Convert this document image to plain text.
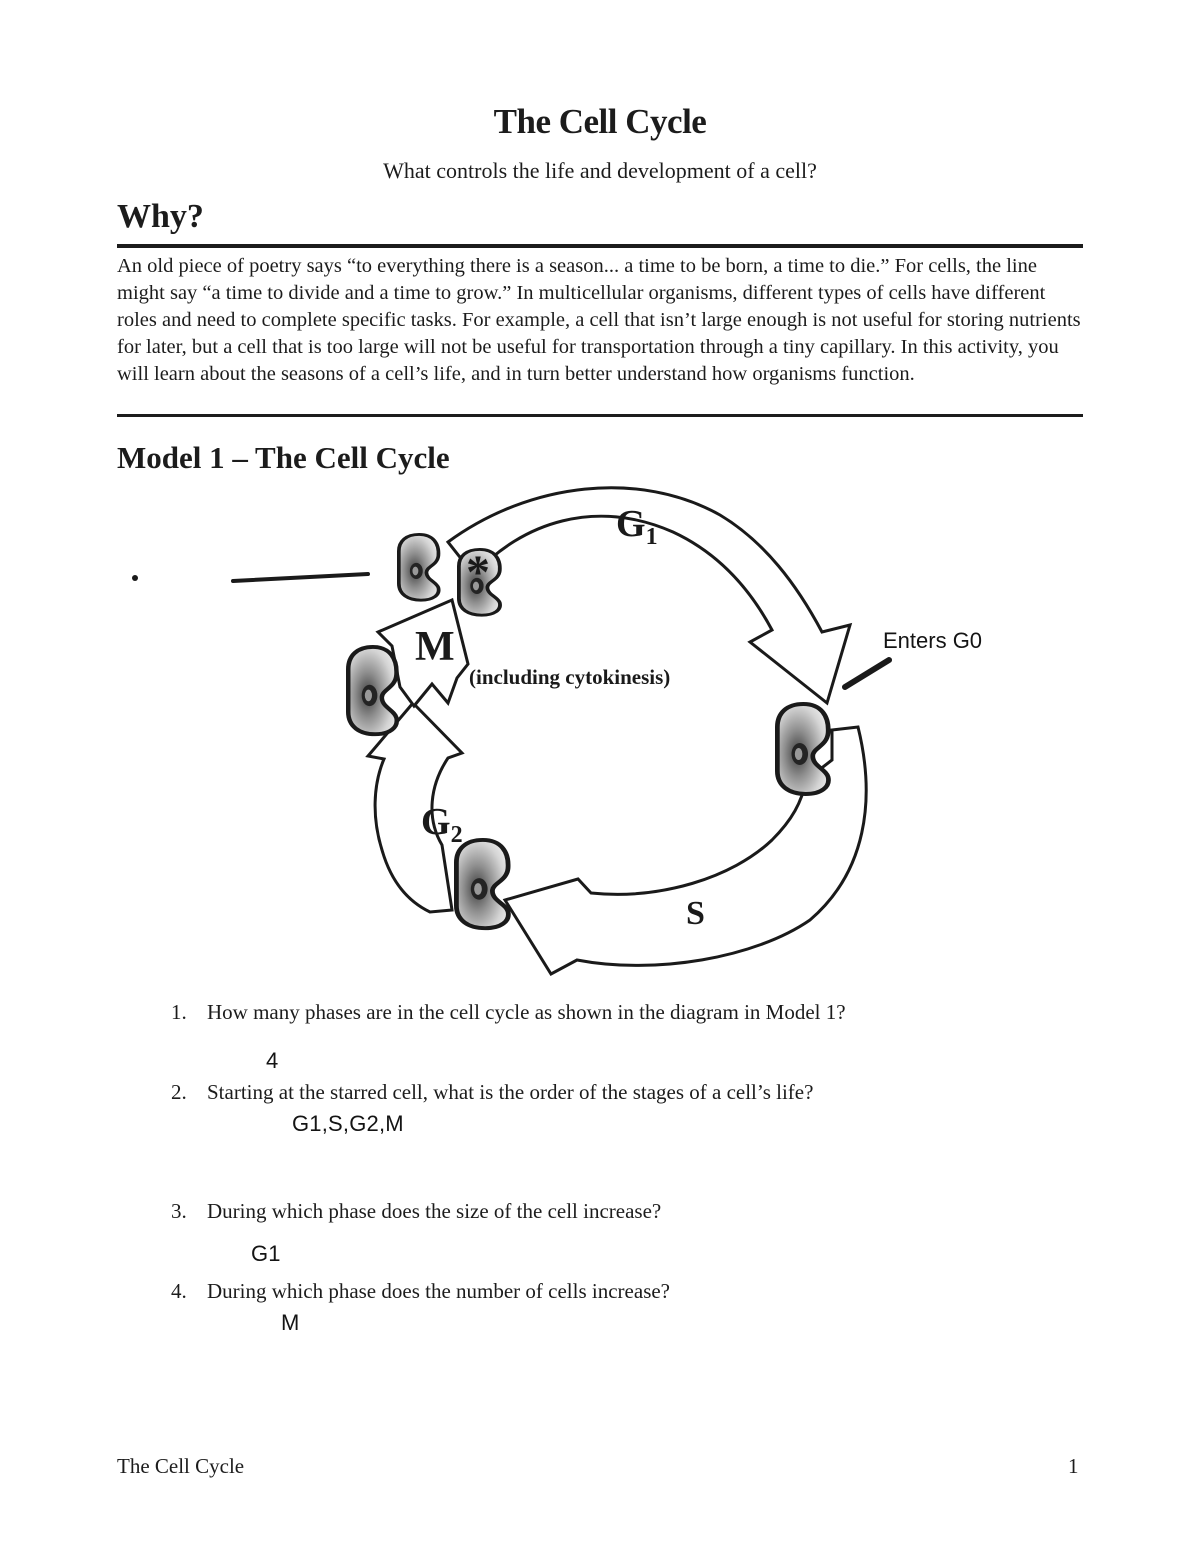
The Cell Cycle
What controls the life and development of a cell?
Why?

An old piece of poetry says “to everything there is a season... a time to be born, a time to die.” For cells, the line might say “a time to divide and a time to grow.” In multicellular organisms, different types of cells have different roles and need to complete specific tasks. For example, a cell that isn’t large enough is not useful for storing nutrients for later, but a cell that is too large will not be useful for transportation through a tiny capillary. In this activity, you will learn about the seasons of a cell’s life, and in turn better understand how organisms function.

Model 1 – The Cell Cycle
*
$G_1$
M
(including cytokinesis)
$G_2$
S
Enters G0
1. How many phases are in the cell cycle as shown in the diagram in Model 1?
4
2. Starting at the starred cell, what is the order of the stages of a cell’s life?
G1,S,G2,M
3. During which phase does the size of the cell increase?
G1
4. During which phase does the number of cells increase?
M
The Cell Cycle	1
